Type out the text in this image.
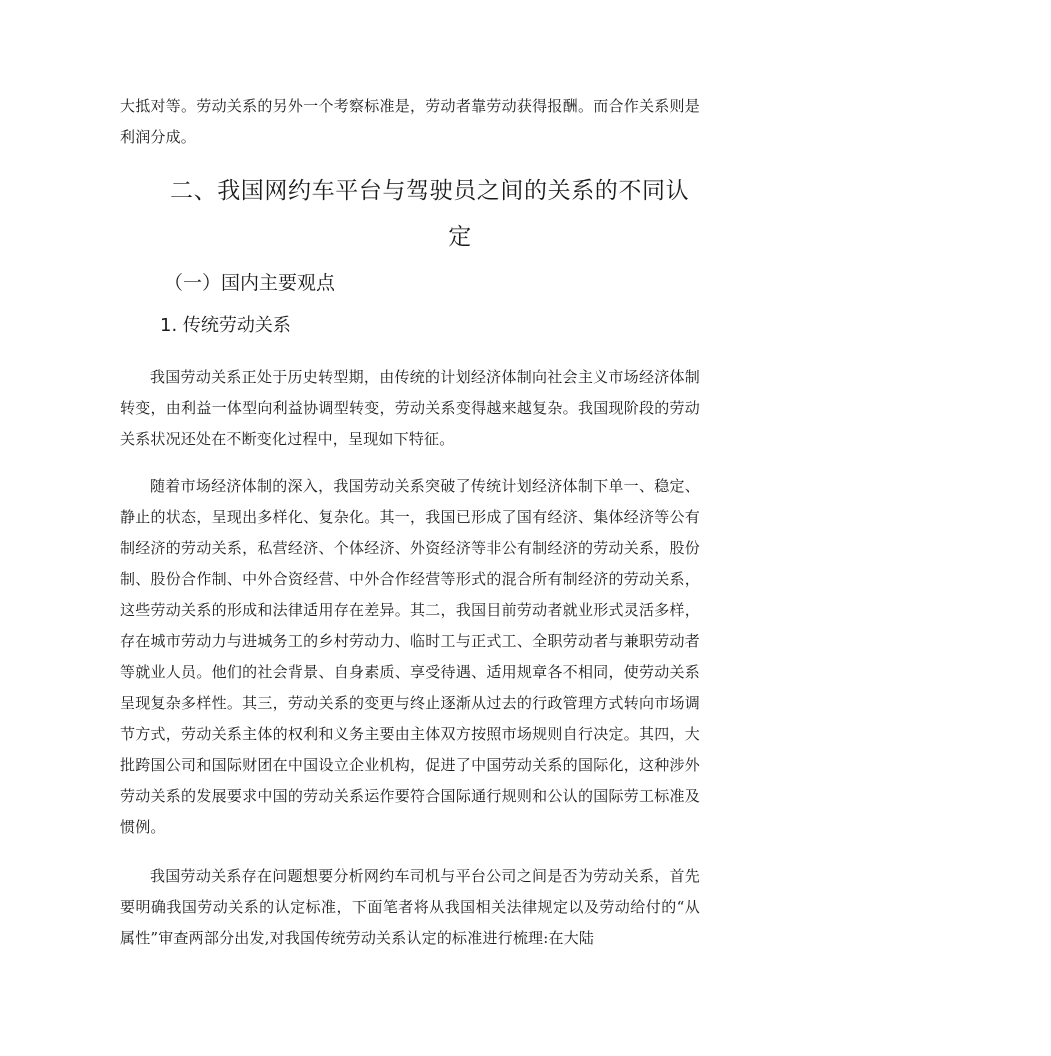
大抵对等。劳动关系的另外一个考察标准是，劳动者靠劳动获得报酬。而合作关系则是利润分成。

二、我国网约车平台与驾驶员之间的关系的不同认
定
（一）国内主要观点
1. 传统劳动关系

我国劳动关系正处于历史转型期，由传统的计划经济体制向社会主义市场经济体制转变，由利益一体型向利益协调型转变，劳动关系变得越来越复杂。我国现阶段的劳动关系状况还处在不断变化过程中，呈现如下特征。

随着市场经济体制的深入，我国劳动关系突破了传统计划经济体制下单一、稳定、静止的状态，呈现出多样化、复杂化。其一，我国已形成了国有经济、集体经济等公有制经济的劳动关系，私营经济、个体经济、外资经济等非公有制经济的劳动关系，股份制、股份合作制、中外合资经营、中外合作经营等形式的混合所有制经济的劳动关系，这些劳动关系的形成和法律适用存在差异。其二，我国目前劳动者就业形式灵活多样，存在城市劳动力与进城务工的乡村劳动力、临时工与正式工、全职劳动者与兼职劳动者等就业人员。他们的社会背景、自身素质、享受待遇、适用规章各不相同，使劳动关系呈现复杂多样性。其三，劳动关系的变更与终止逐渐从过去的行政管理方式转向市场调节方式，劳动关系主体的权利和义务主要由主体双方按照市场规则自行决定。其四，大批跨国公司和国际财团在中国设立企业机构，促进了中国劳动关系的国际化，这种涉外劳动关系的发展要求中国的劳动关系运作要符合国际通行规则和公认的国际劳工标准及惯例。

我国劳动关系存在问题想要分析网约车司机与平台公司之间是否为劳动关系，首先要明确我国劳动关系的认定标准，下面笔者将从我国相关法律规定以及劳动给付的“从属性”审查两部分出发,对我国传统劳动关系认定的标准进行梳理:在大陆
